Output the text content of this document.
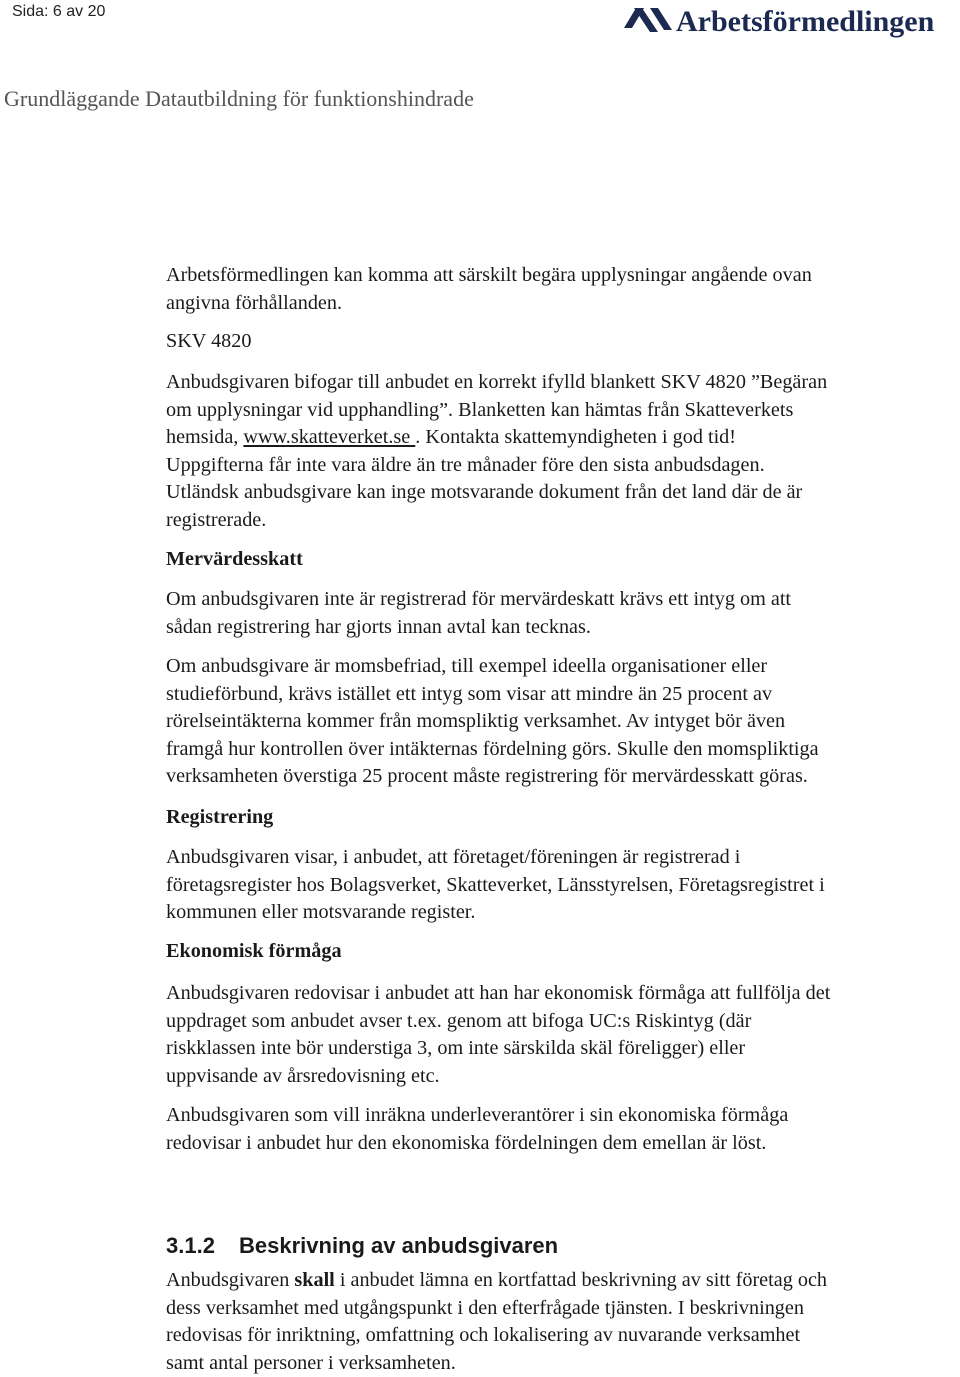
Sida: 6 av 20	Arbetsförmedlingen
Grundläggande Datautbildning för funktionshindrade

Arbetsförmedlingen kan komma att särskilt begära upplysningar angående ovan
angivna förhållanden.

SKV 4820

Anbudsgivaren bifogar till anbudet en korrekt ifylld blankett SKV 4820 ”Begäran
om upplysningar vid upphandling”. Blanketten kan hämtas från Skatteverkets
hemsida, www.skatteverket.se . Kontakta skattemyndigheten i god tid!
Uppgifterna får inte vara äldre än tre månader före den sista anbudsdagen.
Utländsk anbudsgivare kan inge motsvarande dokument från det land där de är
registrerade.

Mervärdesskatt

Om anbudsgivaren inte är registrerad för mervärdeskatt krävs ett intyg om att
sådan registrering har gjorts innan avtal kan tecknas.

Om anbudsgivare är momsbefriad, till exempel ideella organisationer eller
studieförbund, krävs istället ett intyg som visar att mindre än 25 procent av
rörelseintäkterna kommer från momspliktig verksamhet. Av intyget bör även
framgå hur kontrollen över intäkternas fördelning görs. Skulle den momspliktiga
verksamheten överstiga 25 procent måste registrering för mervärdesskatt göras.

Registrering

Anbudsgivaren visar, i anbudet, att företaget/föreningen är registrerad i
företagsregister hos Bolagsverket, Skatteverket, Länsstyrelsen, Företagsregistret i
kommunen eller motsvarande register.

Ekonomisk förmåga

Anbudsgivaren redovisar i anbudet att han har ekonomisk förmåga att fullfölja det
uppdraget som anbudet avser t.ex. genom att bifoga UC:s Riskintyg (där
riskklassen inte bör understiga 3, om inte särskilda skäl föreligger) eller
uppvisande av årsredovisning etc.

Anbudsgivaren som vill inräkna underleverantörer i sin ekonomiska förmåga
redovisar i anbudet hur den ekonomiska fördelningen dem emellan är löst.

3.1.2 Beskrivning av anbudsgivaren

Anbudsgivaren skall i anbudet lämna en kortfattad beskrivning av sitt företag och
dess verksamhet med utgångspunkt i den efterfrågade tjänsten. I beskrivningen
redovisas för inriktning, omfattning och lokalisering av nuvarande verksamhet
samt antal personer i verksamheten.
